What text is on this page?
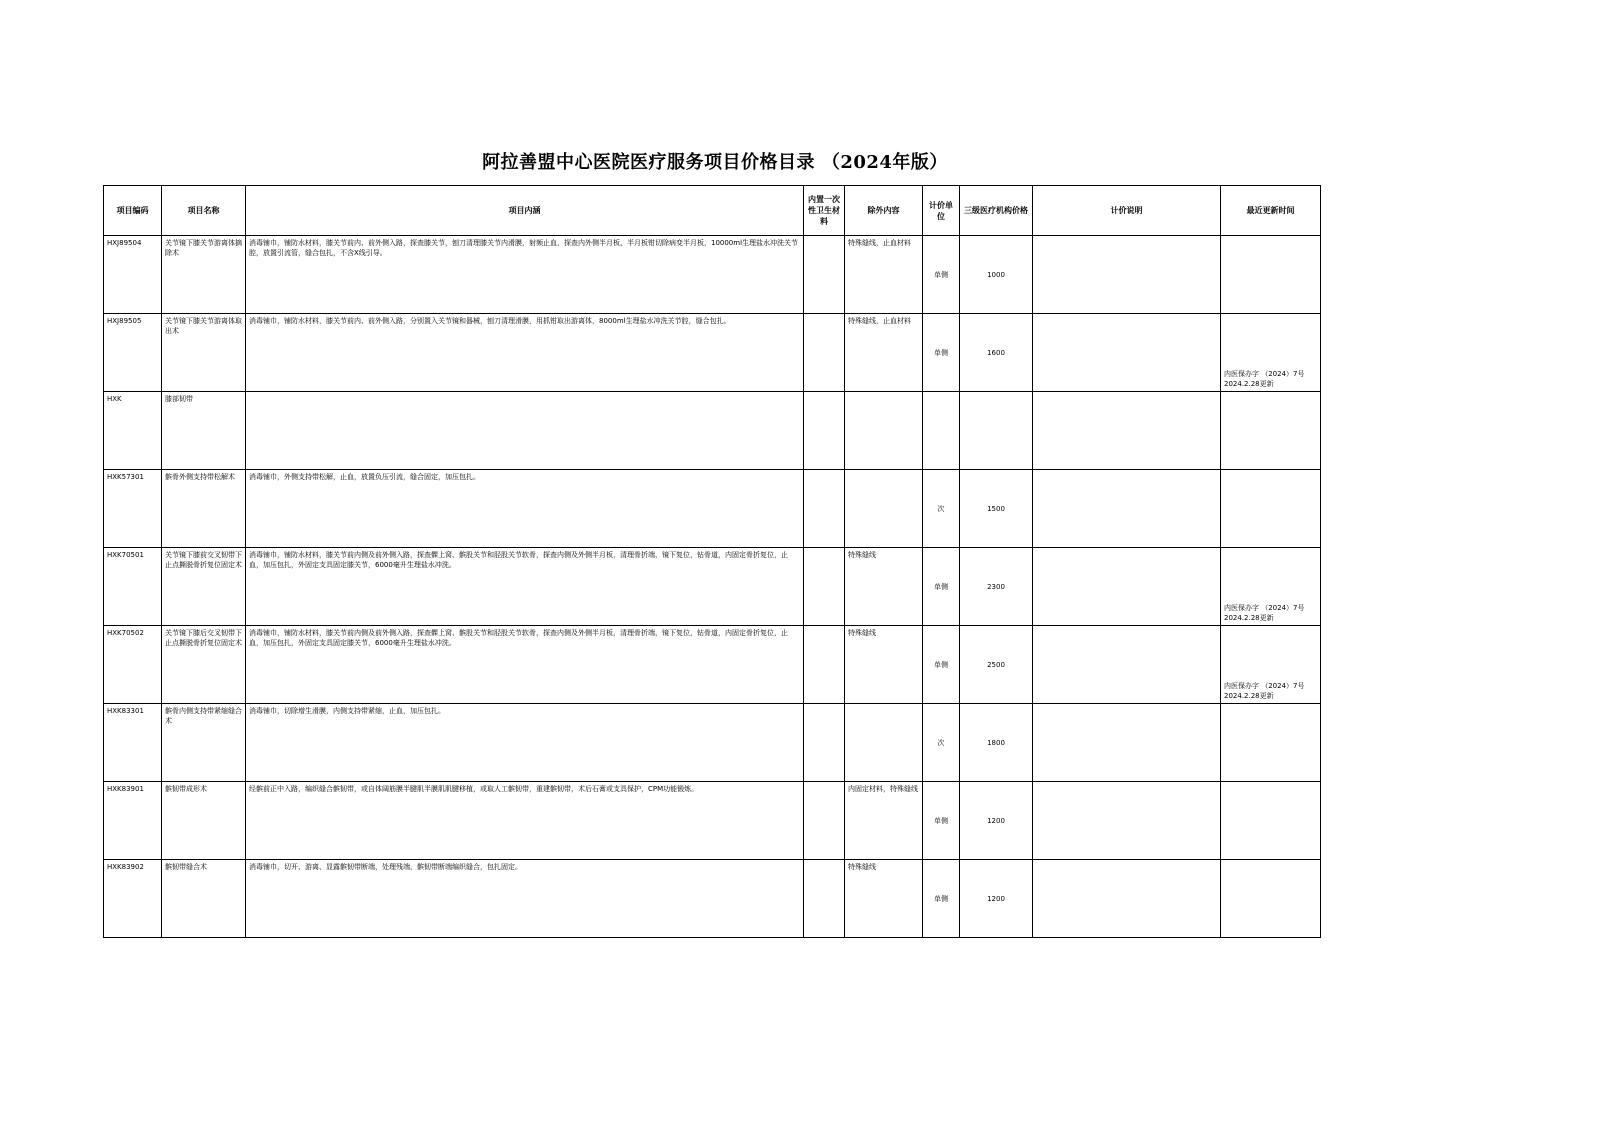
阿拉善盟中心医院医疗服务项目价格目录 （2024年版）
项目编码	项目名称	项目内涵	内置一次性卫生材料	除外内容	计价单位	三级医疗机构价格	计价说明	最近更新时间
HXJ89504	关节镜下膝关节游离体摘除术	消毒铺巾，铺防水材料，膝关节前内、前外侧入路，探查膝关节，刨刀清理膝关节内滑膜，射频止血，探查内外侧半月板，半月板钳切除病变半月板，10000ml生理盐水冲洗关节腔，放置引流管，缝合包扎，不含X线引导。		特殊缝线，止血材料	单侧	1000		
HXJ89505	关节镜下膝关节游离体取出术	消毒铺巾，铺防水材料，膝关节前内、前外侧入路，分别置入关节镜和器械，刨刀清理滑膜，用抓钳取出游离体，8000ml生理盐水冲洗关节腔，缝合包扎。		特殊缝线，止血材料	单侧	1600		内医保办字 （2024）7号 2024.2.28更新
HXK	膝部韧带							
HXK57301	髌骨外侧支持带松解术	消毒铺巾，外侧支持带松解，止血，放置负压引流，缝合固定，加压包扎。			次	1500		
HXK70501	关节镜下膝前交叉韧带下止点撕脱骨折复位固定术	消毒铺巾，铺防水材料，膝关节前内侧及前外侧入路，探查髁上窝、髌股关节和胫股关节软骨，探查内侧及外侧半月板，清理骨折端，镜下复位，钻骨道，内固定骨折复位，止血，加压包扎，外固定支具固定膝关节，6000毫升生理盐水冲洗。		特殊缝线	单侧	2300		内医保办字 （2024）7号 2024.2.28更新
HXK70502	关节镜下膝后交叉韧带下止点撕脱骨折复位固定术	消毒铺巾，铺防水材料，膝关节前内侧及前外侧入路，探查髁上窝、髌股关节和胫股关节软骨，探查内侧及外侧半月板，清理骨折端，镜下复位，钻骨道，内固定骨折复位，止血，加压包扎，外固定支具固定膝关节，6000毫升生理盐水冲洗。		特殊缝线	单侧	2500		内医保办字 （2024）7号 2024.2.28更新
HXK83301	髌骨内侧支持带紧缩缝合术	消毒铺巾，切除增生滑膜，内侧支持带紧缩，止血，加压包扎。			次	1800		
HXK83901	髌韧带成形术	经髌前正中入路，编织缝合髌韧带，或自体阔筋膜半腱肌半膜肌肌腱移植，或取人工髌韧带，重建髌韧带，术后石膏或支具保护，CPM功能锻炼。		内固定材料，特殊缝线	单侧	1200		
HXK83902	髌韧带缝合术	消毒铺巾，切开、游离、显露髌韧带断端，处理残端，髌韧带断端编织缝合，包扎固定。		特殊缝线	单侧	1200		
